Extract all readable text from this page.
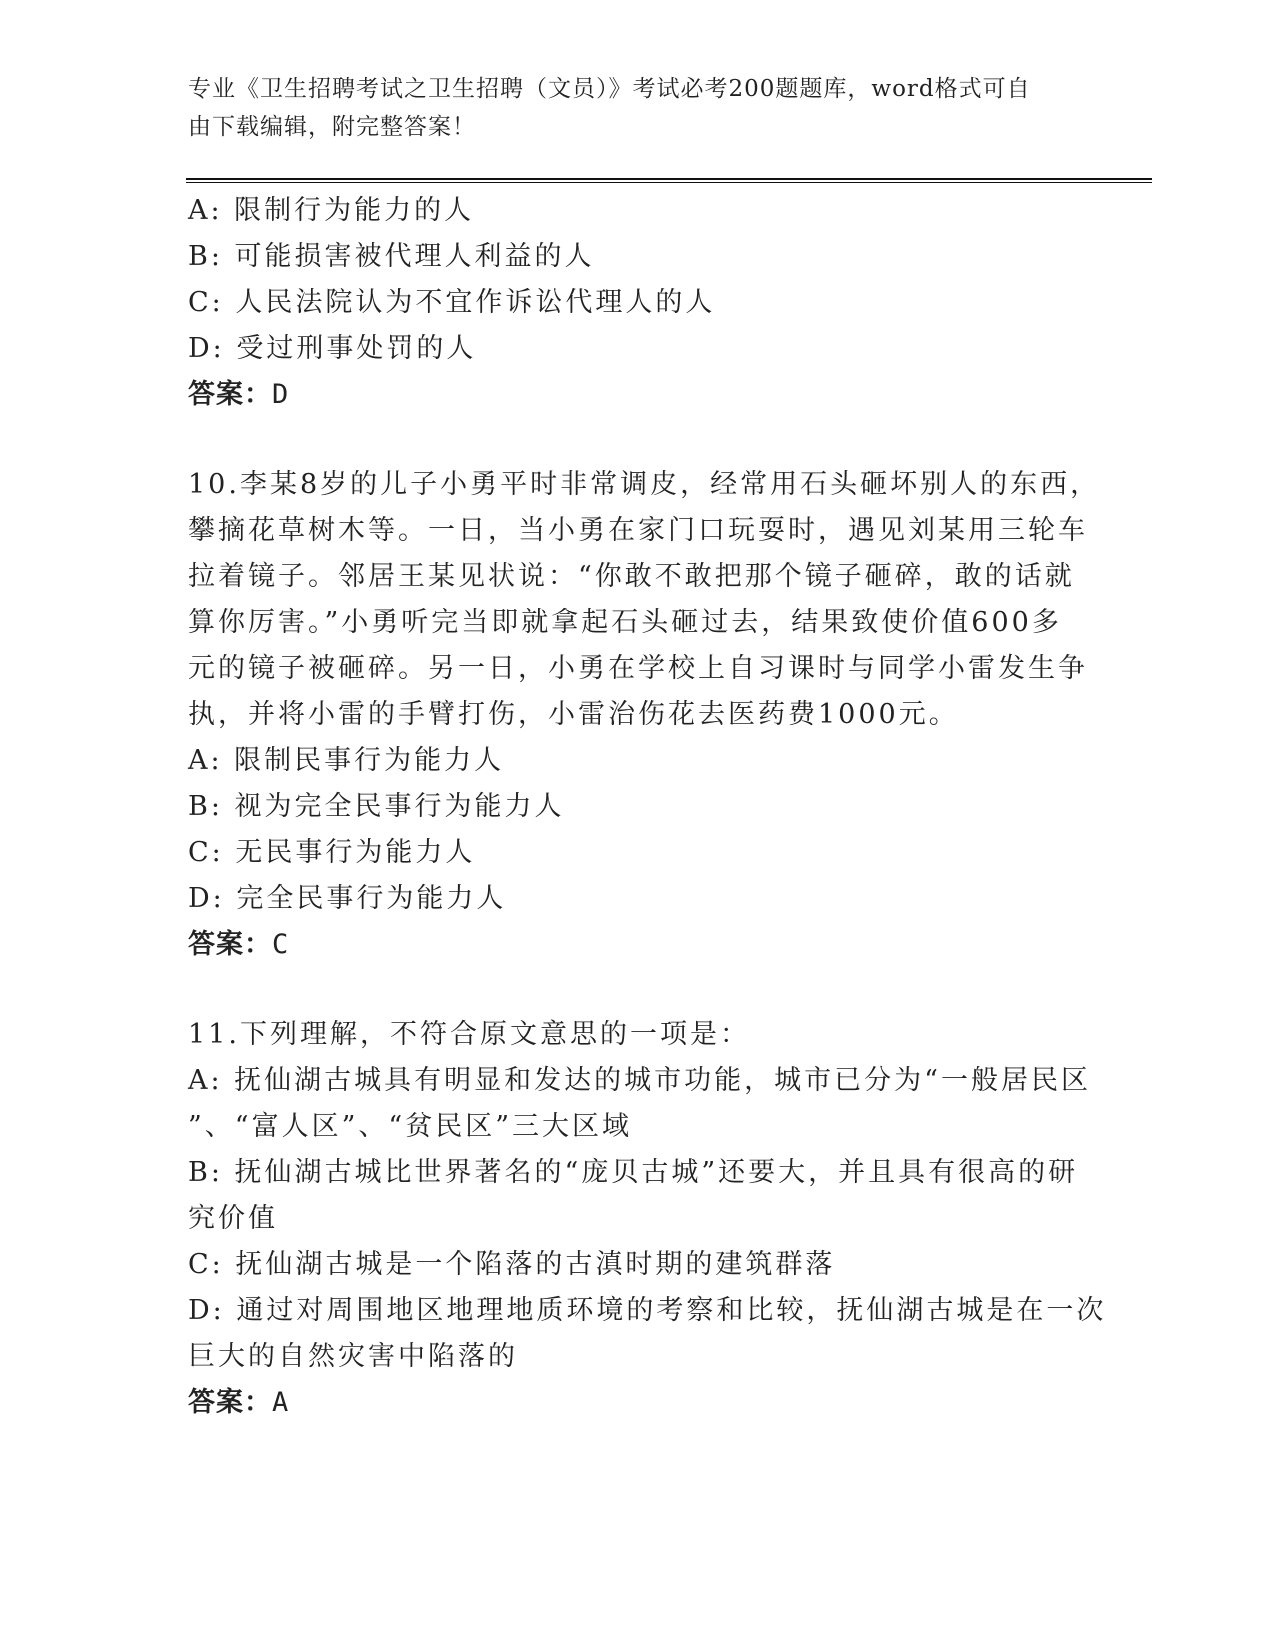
专业《卫生招聘考试之卫生招聘（文员）》考试必考200题题库，word格式可自
由下载编辑，附完整答案！
A: 限制行为能力的人
B: 可能损害被代理人利益的人
C: 人民法院认为不宜作诉讼代理人的人
D: 受过刑事处罚的人
答案：D
10.李某8岁的儿子小勇平时非常调皮，经常用石头砸坏别人的东西，
攀摘花草树木等。一日，当小勇在家门口玩耍时，遇见刘某用三轮车
拉着镜子。邻居王某见状说：“你敢不敢把那个镜子砸碎，敢的话就
算你厉害。”小勇听完当即就拿起石头砸过去，结果致使价值600多
元的镜子被砸碎。另一日，小勇在学校上自习课时与同学小雷发生争
执，并将小雷的手臂打伤，小雷治伤花去医药费1000元。
A: 限制民事行为能力人
B: 视为完全民事行为能力人
C: 无民事行为能力人
D: 完全民事行为能力人
答案：C
11.下列理解，不符合原文意思的一项是：
A: 抚仙湖古城具有明显和发达的城市功能，城市已分为“一般居民区
”、“富人区”、“贫民区”三大区域
B: 抚仙湖古城比世界著名的“庞贝古城”还要大，并且具有很高的研
究价值
C: 抚仙湖古城是一个陷落的古滇时期的建筑群落
D: 通过对周围地区地理地质环境的考察和比较，抚仙湖古城是在一次
巨大的自然灾害中陷落的
答案：A
